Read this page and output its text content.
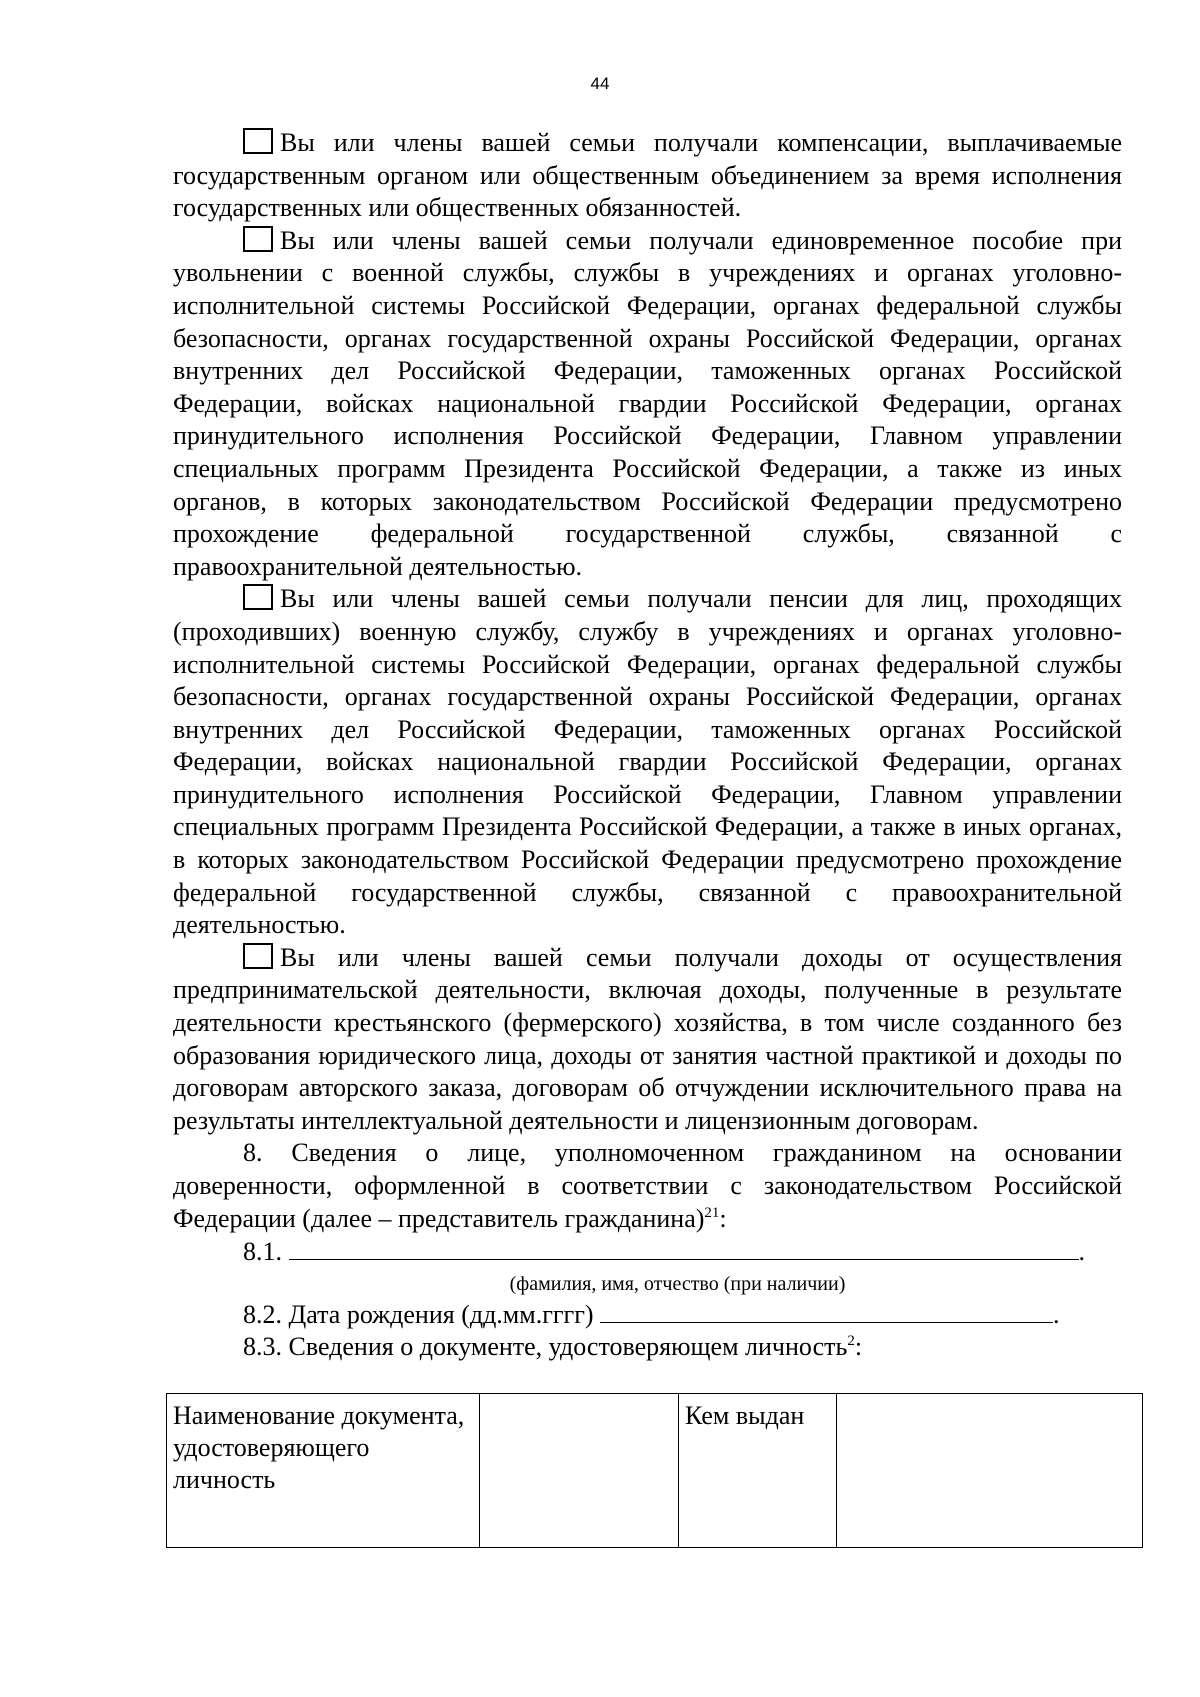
44

Вы или члены вашей семьи получали компенсации, выплачиваемые государственным органом или общественным объединением за время исполнения государственных или общественных обязанностей.

Вы или члены вашей семьи получали единовременное пособие при увольнении с военной службы, службы в учреждениях и органах уголовно-исполнительной системы Российской Федерации, органах федеральной службы безопасности, органах государственной охраны Российской Федерации, органах внутренних дел Российской Федерации, таможенных органах Российской Федерации, войсках национальной гвардии Российской Федерации, органах принудительного исполнения Российской Федерации, Главном управлении специальных программ Президента Российской Федерации, а также из иных органов, в которых законодательством Российской Федерации предусмотрено прохождение федеральной государственной службы, связанной с правоохранительной деятельностью.

Вы или члены вашей семьи получали пенсии для лиц, проходящих (проходивших) военную службу, службу в учреждениях и органах уголовно-исполнительной системы Российской Федерации, органах федеральной службы безопасности, органах государственной охраны Российской Федерации, органах внутренних дел Российской Федерации, таможенных органах Российской Федерации, войсках национальной гвардии Российской Федерации, органах принудительного исполнения Российской Федерации, Главном управлении специальных программ Президента Российской Федерации, а также в иных органах, в которых законодательством Российской Федерации предусмотрено прохождение федеральной государственной службы, связанной с правоохранительной деятельностью.

Вы или члены вашей семьи получали доходы от осуществления предпринимательской деятельности, включая доходы, полученные в результате деятельности крестьянского (фермерского) хозяйства, в том числе созданного без образования юридического лица, доходы от занятия частной практикой и доходы по договорам авторского заказа, договорам об отчуждении исключительного права на результаты интеллектуальной деятельности и лицензионным договорам.

8. Сведения о лице, уполномоченном гражданином на основании доверенности, оформленной в соответствии с законодательством Российской Федерации (далее – представитель гражданина)$^{21}$:

8.1.	.

(фамилия, имя, отчество (при наличии)

8.2. Дата рождения (дд.мм.гггг)	.

8.3. Сведения о документе, удостоверяющем личность$^2$:

Наименование документа, удостоверяющего личность		Кем выдан	
